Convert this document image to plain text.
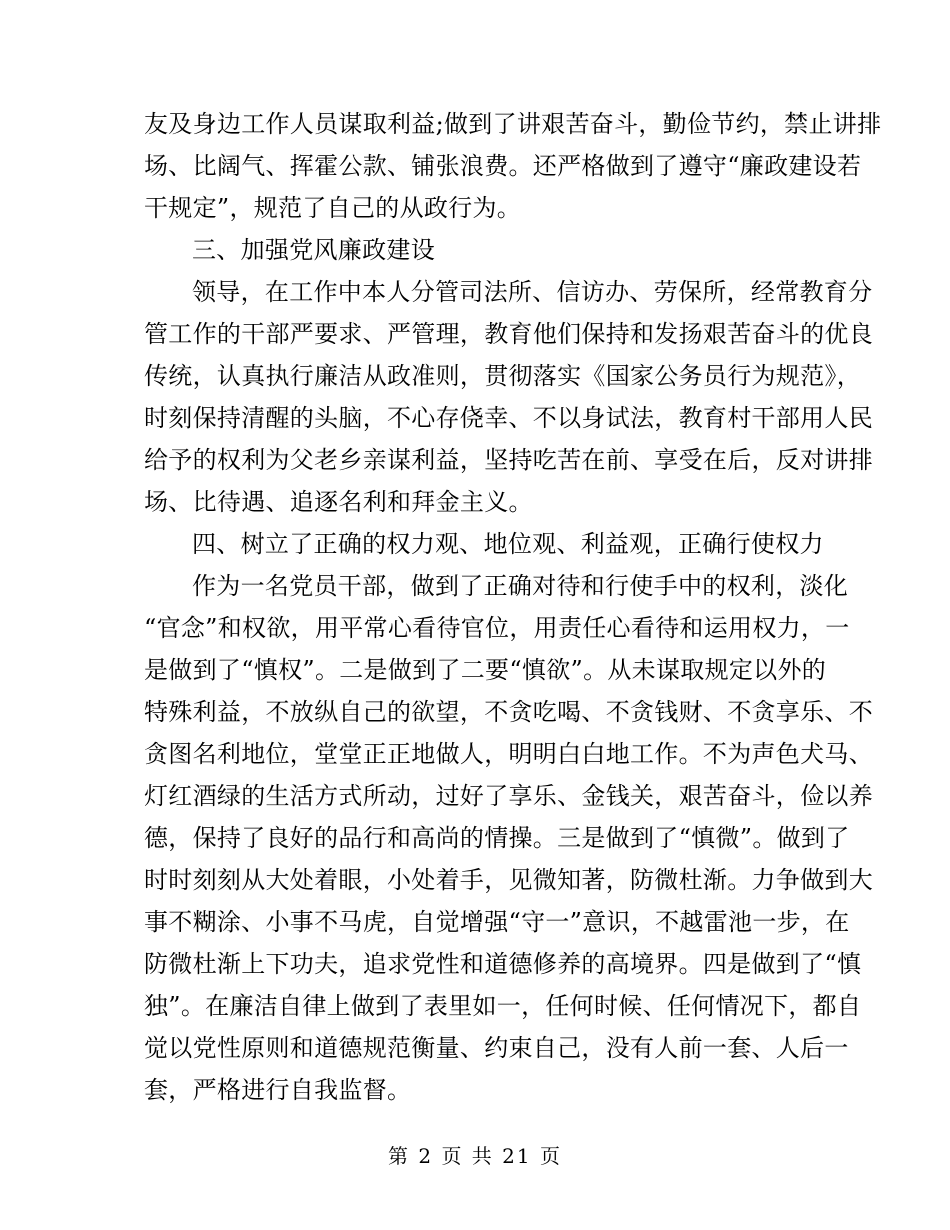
友及身边工作人员谋取利益;做到了讲艰苦奋斗，勤俭节约，禁止讲排
场、比阔气、挥霍公款、铺张浪费。还严格做到了遵守“廉政建设若
干规定”，规范了自己的从政行为。
三、加强党风廉政建设
领导，在工作中本人分管司法所、信访办、劳保所，经常教育分
管工作的干部严要求、严管理，教育他们保持和发扬艰苦奋斗的优良
传统，认真执行廉洁从政准则，贯彻落实《国家公务员行为规范》，
时刻保持清醒的头脑，不心存侥幸、不以身试法，教育村干部用人民
给予的权利为父老乡亲谋利益，坚持吃苦在前、享受在后，反对讲排
场、比待遇、追逐名利和拜金主义。
四、树立了正确的权力观、地位观、利益观，正确行使权力
作为一名党员干部，做到了正确对待和行使手中的权利，淡化
“官念”和权欲，用平常心看待官位，用责任心看待和运用权力，一
是做到了“慎权”。二是做到了二要“慎欲”。从未谋取规定以外的
特殊利益，不放纵自己的欲望，不贪吃喝、不贪钱财、不贪享乐、不
贪图名利地位，堂堂正正地做人，明明白白地工作。不为声色犬马、
灯红酒绿的生活方式所动，过好了享乐、金钱关，艰苦奋斗，俭以养
德，保持了良好的品行和高尚的情操。三是做到了“慎微”。做到了
时时刻刻从大处着眼，小处着手，见微知著，防微杜渐。力争做到大
事不糊涂、小事不马虎，自觉增强“守一”意识，不越雷池一步，在
防微杜渐上下功夫，追求党性和道德修养的高境界。四是做到了“慎
独”。在廉洁自律上做到了表里如一，任何时候、任何情况下，都自
觉以党性原则和道德规范衡量、约束自己，没有人前一套、人后一
套，严格进行自我监督。
第 2 页 共 21 页
